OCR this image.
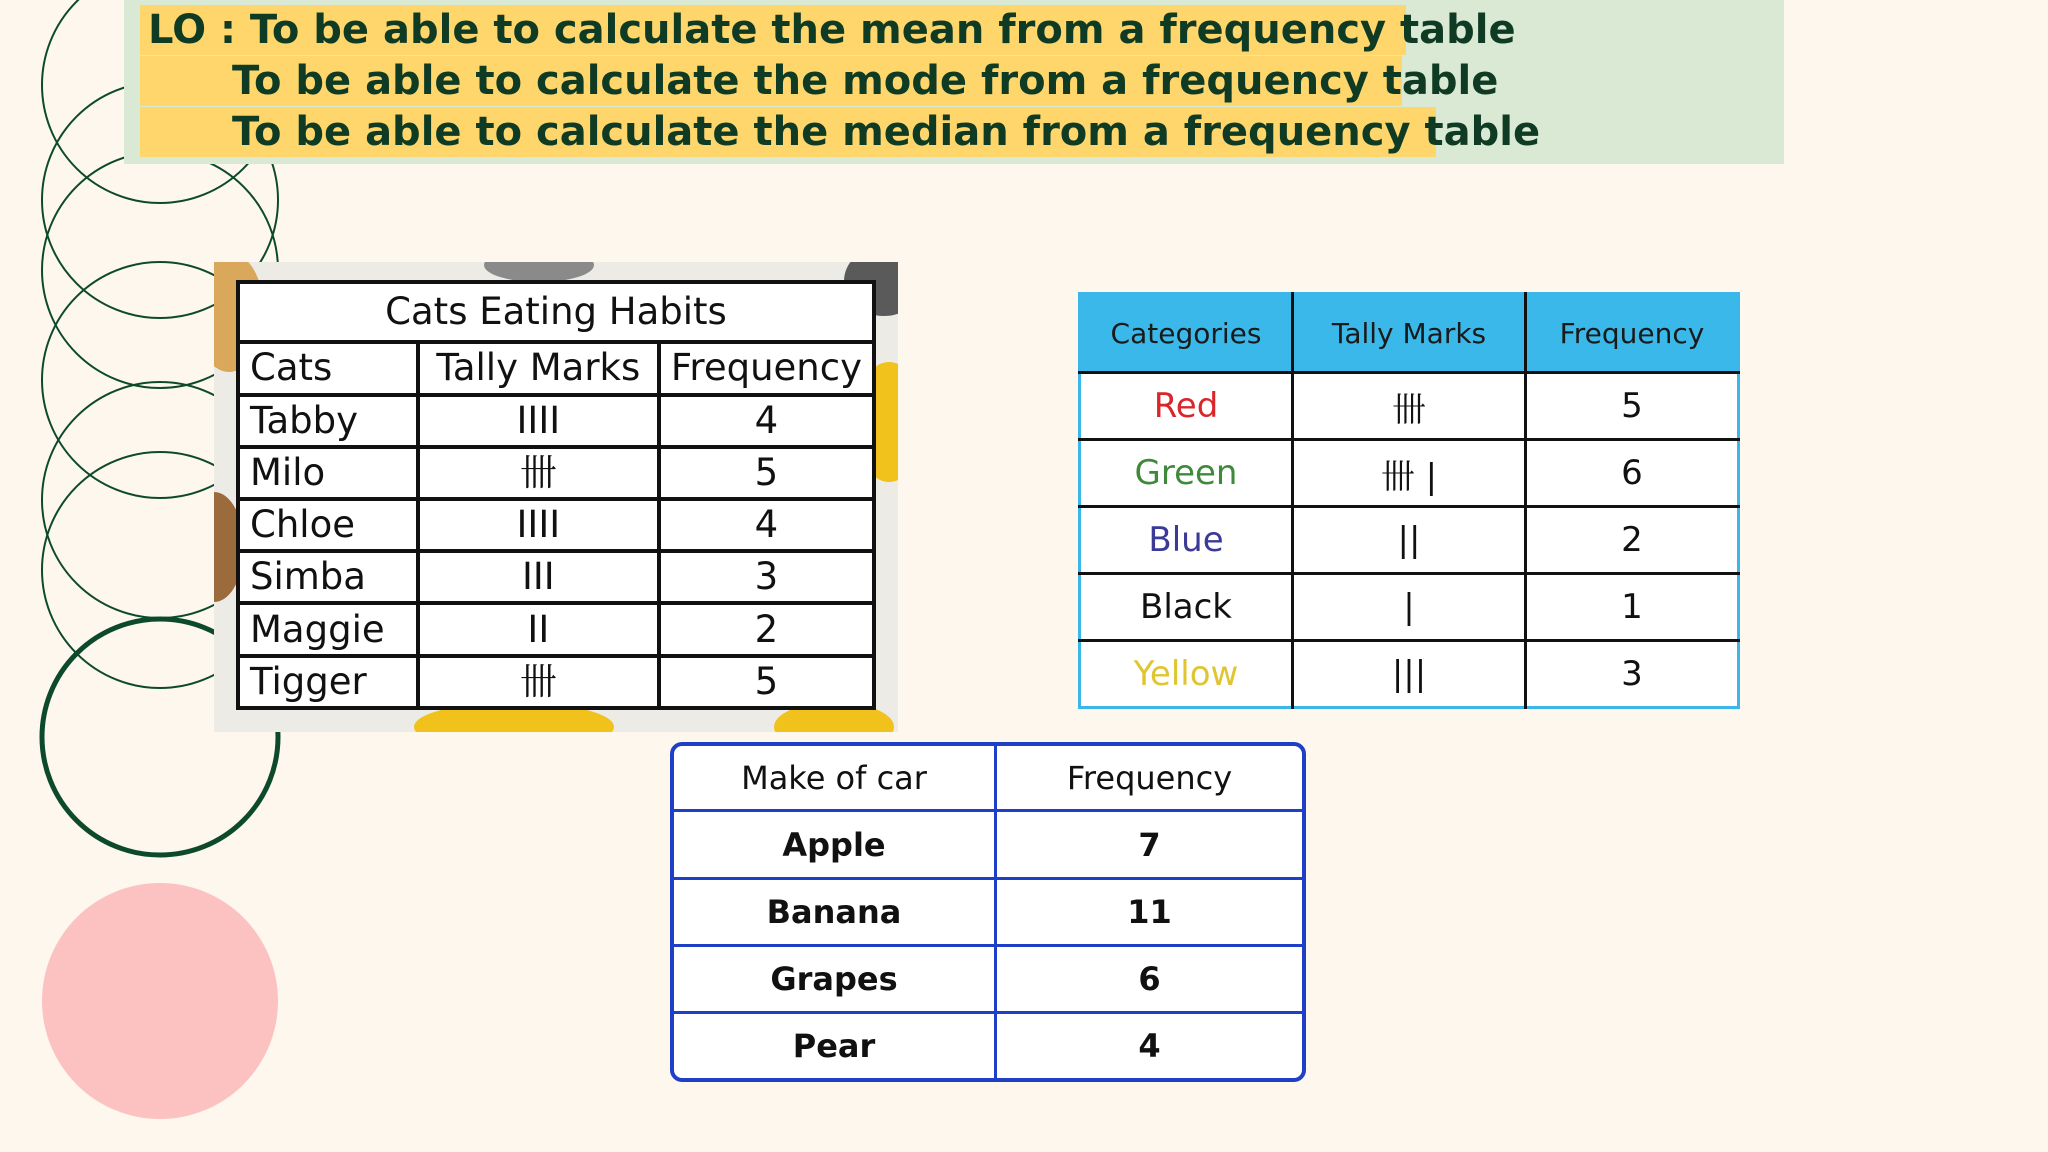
LO : To be able to calculate the mean from a frequency table
To be able to calculate the mode from a frequency table
To be able to calculate the median from a frequency table
Cats Eating Habits		
Cats	Tally Marks	Frequency
Tabby	IIII	4
Milo	卌	5
Chloe	IIII	4
Simba	III	3
Maggie	II	2
Tigger	卌	5
Categories	Tally Marks	Frequency
Red	卌	5
Green	卌 |	6
Blue	||	2
Black	|	1
Yellow	|||	3
Make of car	Frequency
Apple	7
Banana	11
Grapes	6
Pear	4
